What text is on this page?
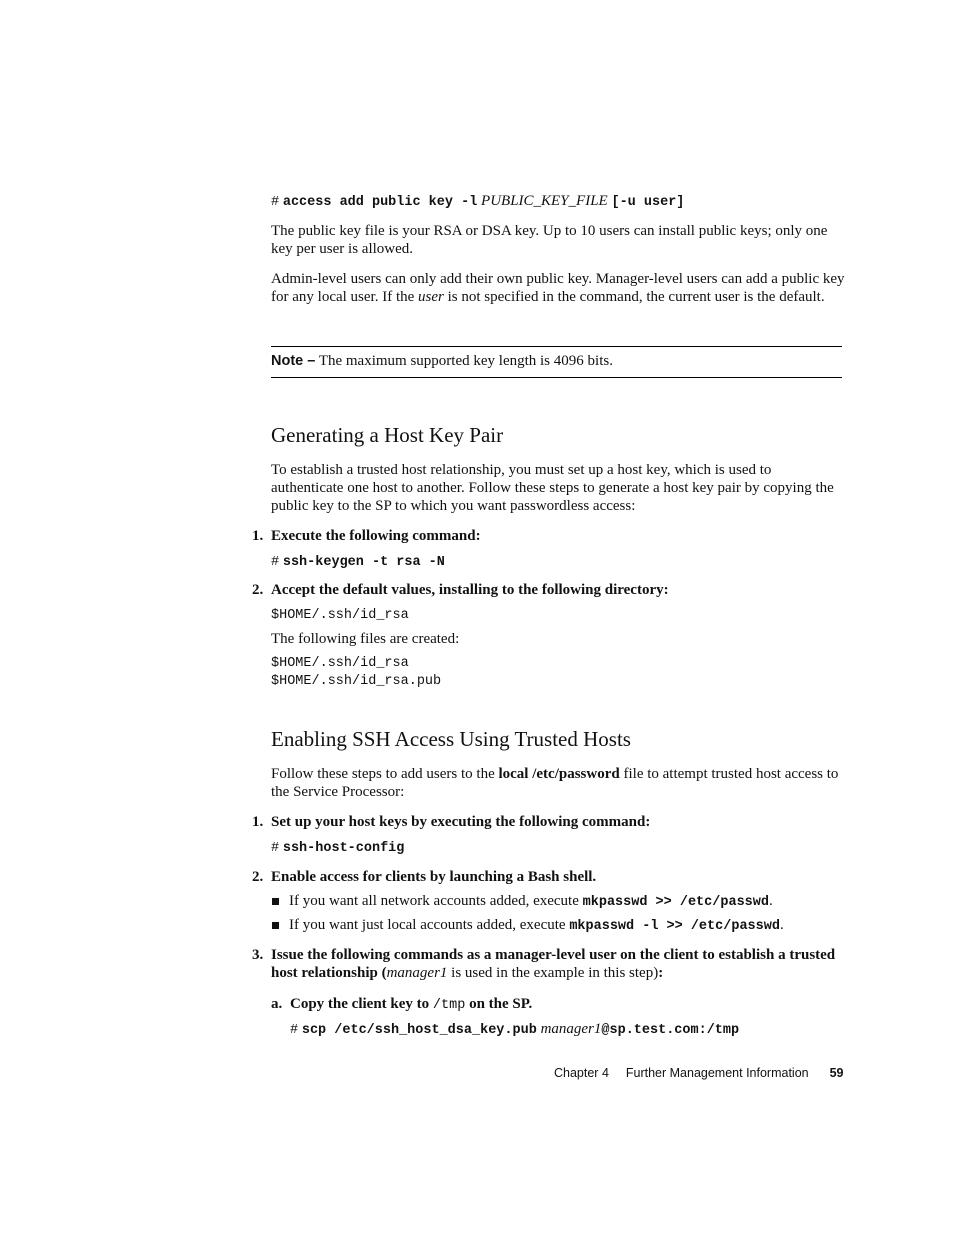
# access add public key -l PUBLIC_KEY_FILE [-u user]

The public key file is your RSA or DSA key. Up to 10 users can install public keys; only one key per user is allowed.

Admin-level users can only add their own public key. Manager-level users can add a public key for any local user. If the user is not specified in the command, the current user is the default.

Note – The maximum supported key length is 4096 bits.

Generating a Host Key Pair

To establish a trusted host relationship, you must set up a host key, which is used to authenticate one host to another. Follow these steps to generate a host key pair by copying the public key to the SP to which you want passwordless access:

1. Execute the following command:
# ssh-keygen -t rsa -N
2. Accept the default values, installing to the following directory:
$HOME/.ssh/id_rsa
The following files are created:
$HOME/.ssh/id_rsa
$HOME/.ssh/id_rsa.pub
Enabling SSH Access Using Trusted Hosts

Follow these steps to add users to the local /etc/password file to attempt trusted host access to the Service Processor:

1. Set up your host keys by executing the following command:
# ssh-host-config
2. Enable access for clients by launching a Bash shell.
If you want all network accounts added, execute mkpasswd >> /etc/passwd.
If you want just local accounts added, execute mkpasswd -l >> /etc/passwd.
3. Issue the following commands as a manager-level user on the client to establish a trusted host relationship (manager1 is used in the example in this step):

a. Copy the client key to /tmp on the SP.
# scp /etc/ssh_host_dsa_key.pub manager1@sp.test.com:/tmp
Chapter 4 Further Management Information 59
